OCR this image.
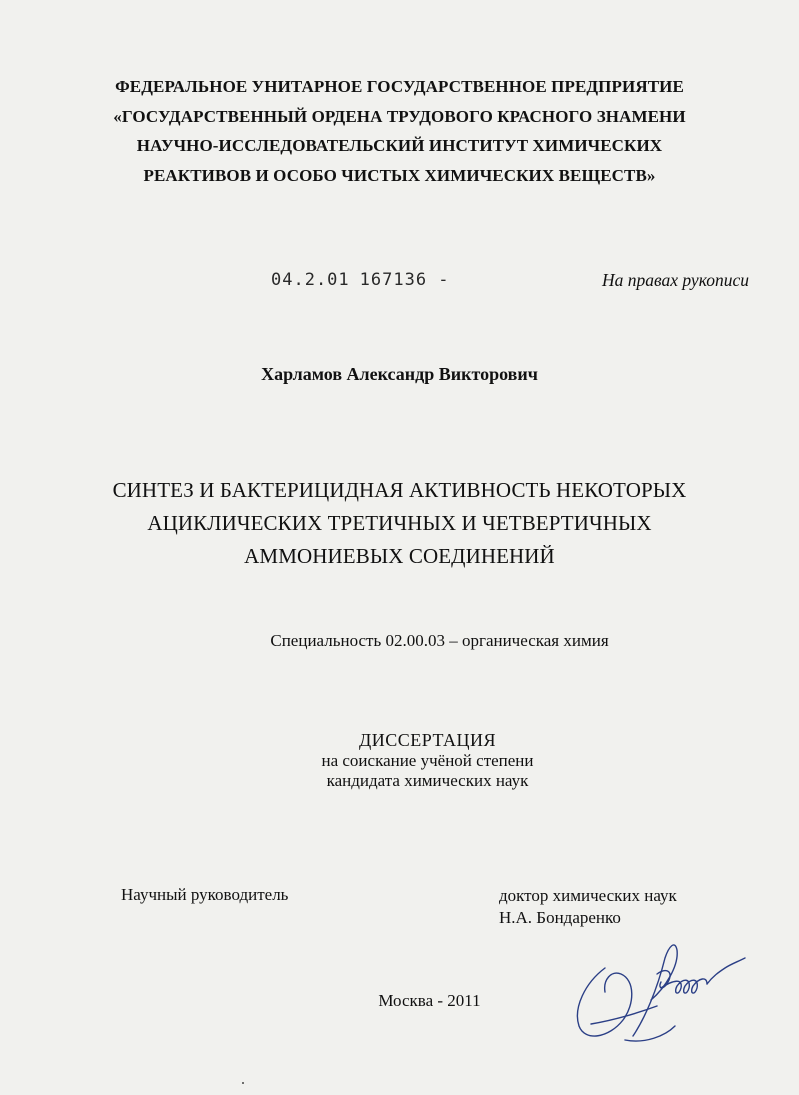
ФЕДЕРАЛЬНОЕ УНИТАРНОЕ ГОСУДАРСТВЕННОЕ ПРЕДПРИЯТИЕ
«ГОСУДАРСТВЕННЫЙ ОРДЕНА ТРУДОВОГО КРАСНОГО ЗНАМЕНИ
НАУЧНО-ИССЛЕДОВАТЕЛЬСКИЙ ИНСТИТУТ ХИМИЧЕСКИХ
РЕАКТИВОВ И ОСОБО ЧИСТЫХ ХИМИЧЕСКИХ ВЕЩЕСТВ»
04.2.01 167136 -	На правах рукописи
Харламов Александр Викторович
СИНТЕЗ И БАКТЕРИЦИДНАЯ АКТИВНОСТЬ НЕКОТОРЫХ
АЦИКЛИЧЕСКИХ ТРЕТИЧНЫХ И ЧЕТВЕРТИЧНЫХ
АММОНИЕВЫХ СОЕДИНЕНИЙ
Специальность 02.00.03 – органическая химия
ДИССЕРТАЦИЯ
на соискание учёной степени
кандидата химических наук
Научный руководитель	доктор химических наук
Н.А. Бондаренко
Москва - 2011
